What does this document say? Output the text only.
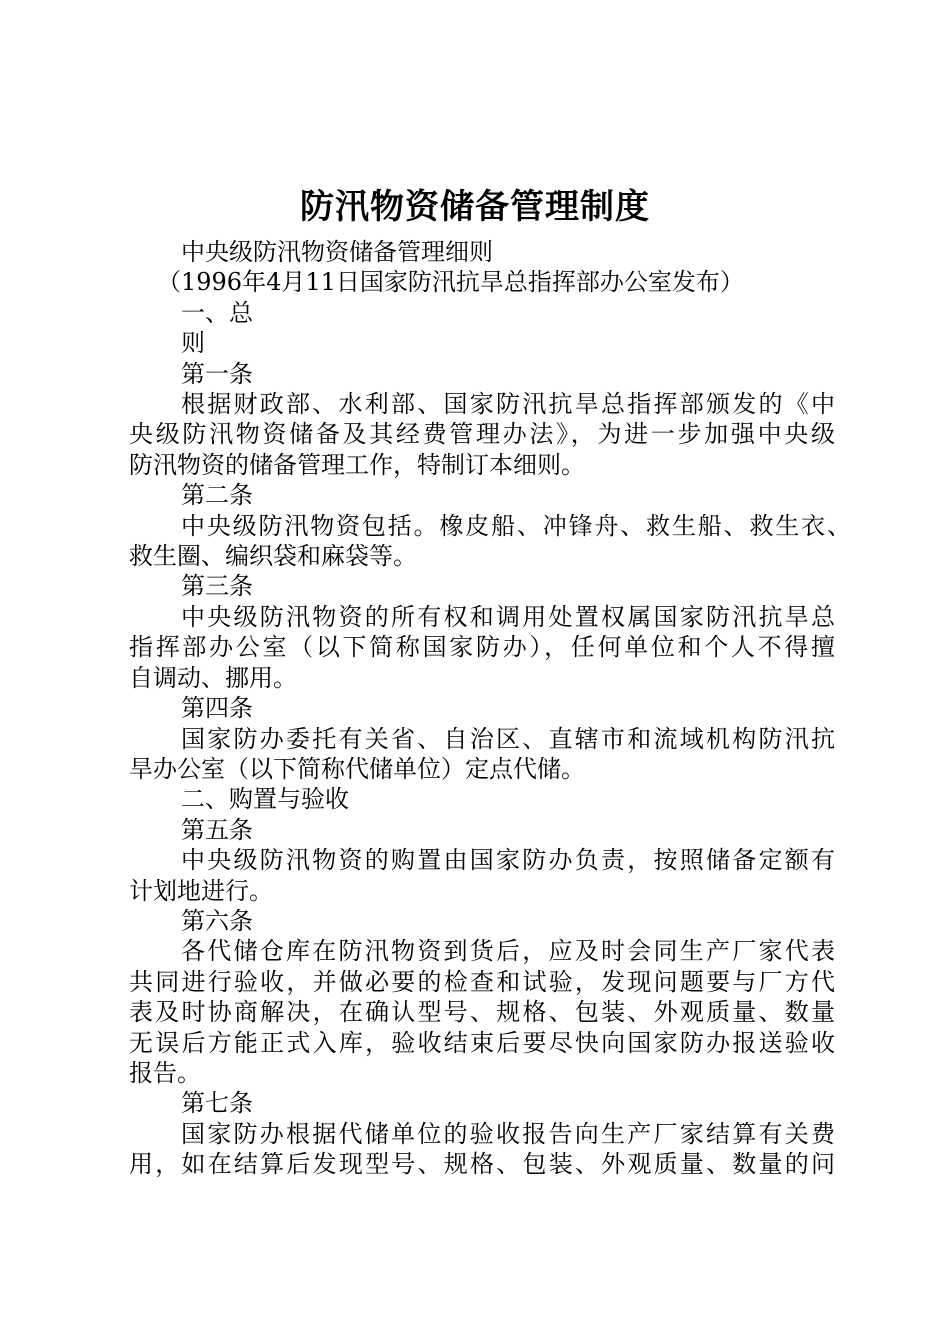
防汛物资储备管理制度

中央级防汛物资储备管理细则

（1996年4月11日国家防汛抗旱总指挥部办公室发布）

一、总

则

第一条

根据财政部、水利部、国家防汛抗旱总指挥部颁发的《中
央级防汛物资储备及其经费管理办法》，为进一步加强中央级
防汛物资的储备管理工作，特制订本细则。

第二条

中央级防汛物资包括。橡皮船、冲锋舟、救生船、救生衣、
救生圈、编织袋和麻袋等。

第三条

中央级防汛物资的所有权和调用处置权属国家防汛抗旱总
指挥部办公室（以下简称国家防办），任何单位和个人不得擅
自调动、挪用。

第四条

国家防办委托有关省、自治区、直辖市和流域机构防汛抗
旱办公室（以下简称代储单位）定点代储。

二、购置与验收

第五条

中央级防汛物资的购置由国家防办负责，按照储备定额有
计划地进行。

第六条

各代储仓库在防汛物资到货后，应及时会同生产厂家代表
共同进行验收，并做必要的检查和试验，发现问题要与厂方代
表及时协商解决，在确认型号、规格、包装、外观质量、数量
无误后方能正式入库，验收结束后要尽快向国家防办报送验收
报告。

第七条

国家防办根据代储单位的验收报告向生产厂家结算有关费
用，如在结算后发现型号、规格、包装、外观质量、数量的问
